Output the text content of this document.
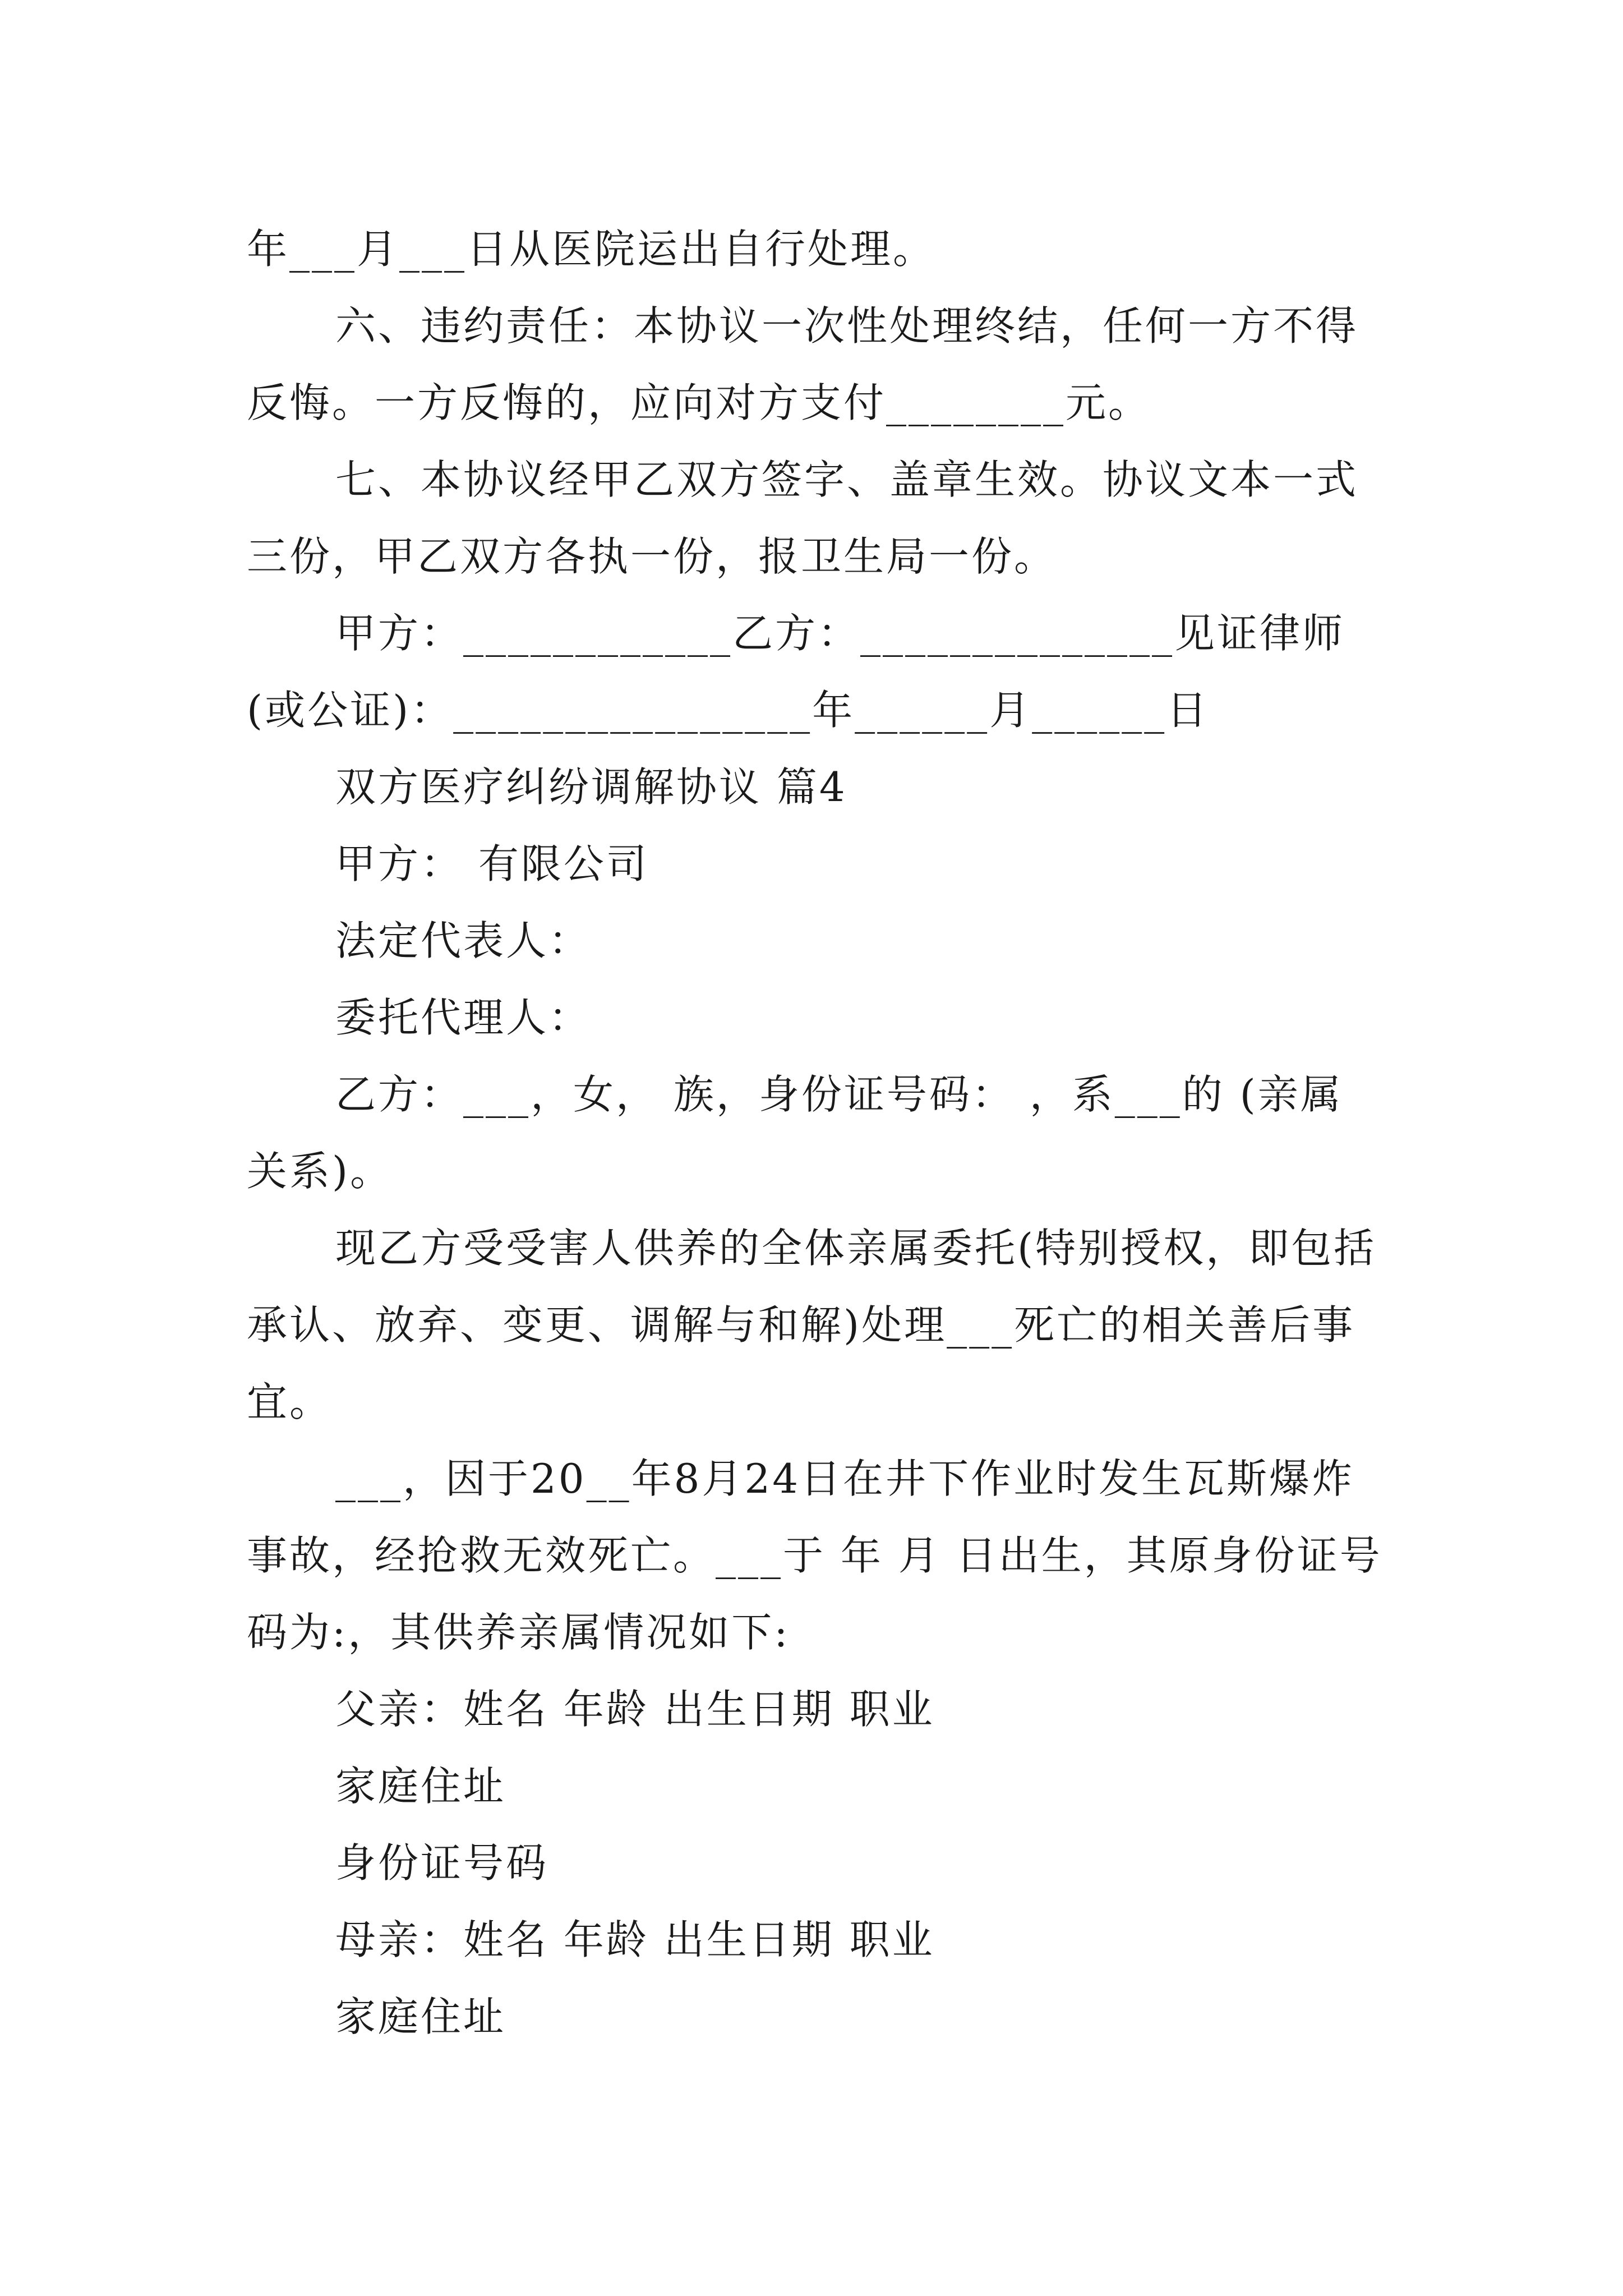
年___月___日从医院运出自行处理。

六、违约责任：本协议一次性处理终结，任何一方不得反悔。一方反悔的，应向对方支付________元。

七、本协议经甲乙双方签字、盖章生效。协议文本一式三份，甲乙双方各执一份，报卫生局一份。

甲方：____________乙方：______________见证律师(或公证)：________________年______月______日

双方医疗纠纷调解协议 篇4

甲方： 有限公司

法定代表人：

委托代理人：

乙方：___，女， 族，身份证号码： ，系___的 (亲属关系)。

现乙方受受害人供养的全体亲属委托(特别授权，即包括承认、放弃、变更、调解与和解)处理___死亡的相关善后事宜。

___，因于20__年8月24日在井下作业时发生瓦斯爆炸事故，经抢救无效死亡。___于 年 月 日出生，其原身份证号码为:，其供养亲属情况如下:

父亲：姓名 年龄 出生日期 职业

家庭住址

身份证号码

母亲：姓名 年龄 出生日期 职业

家庭住址
